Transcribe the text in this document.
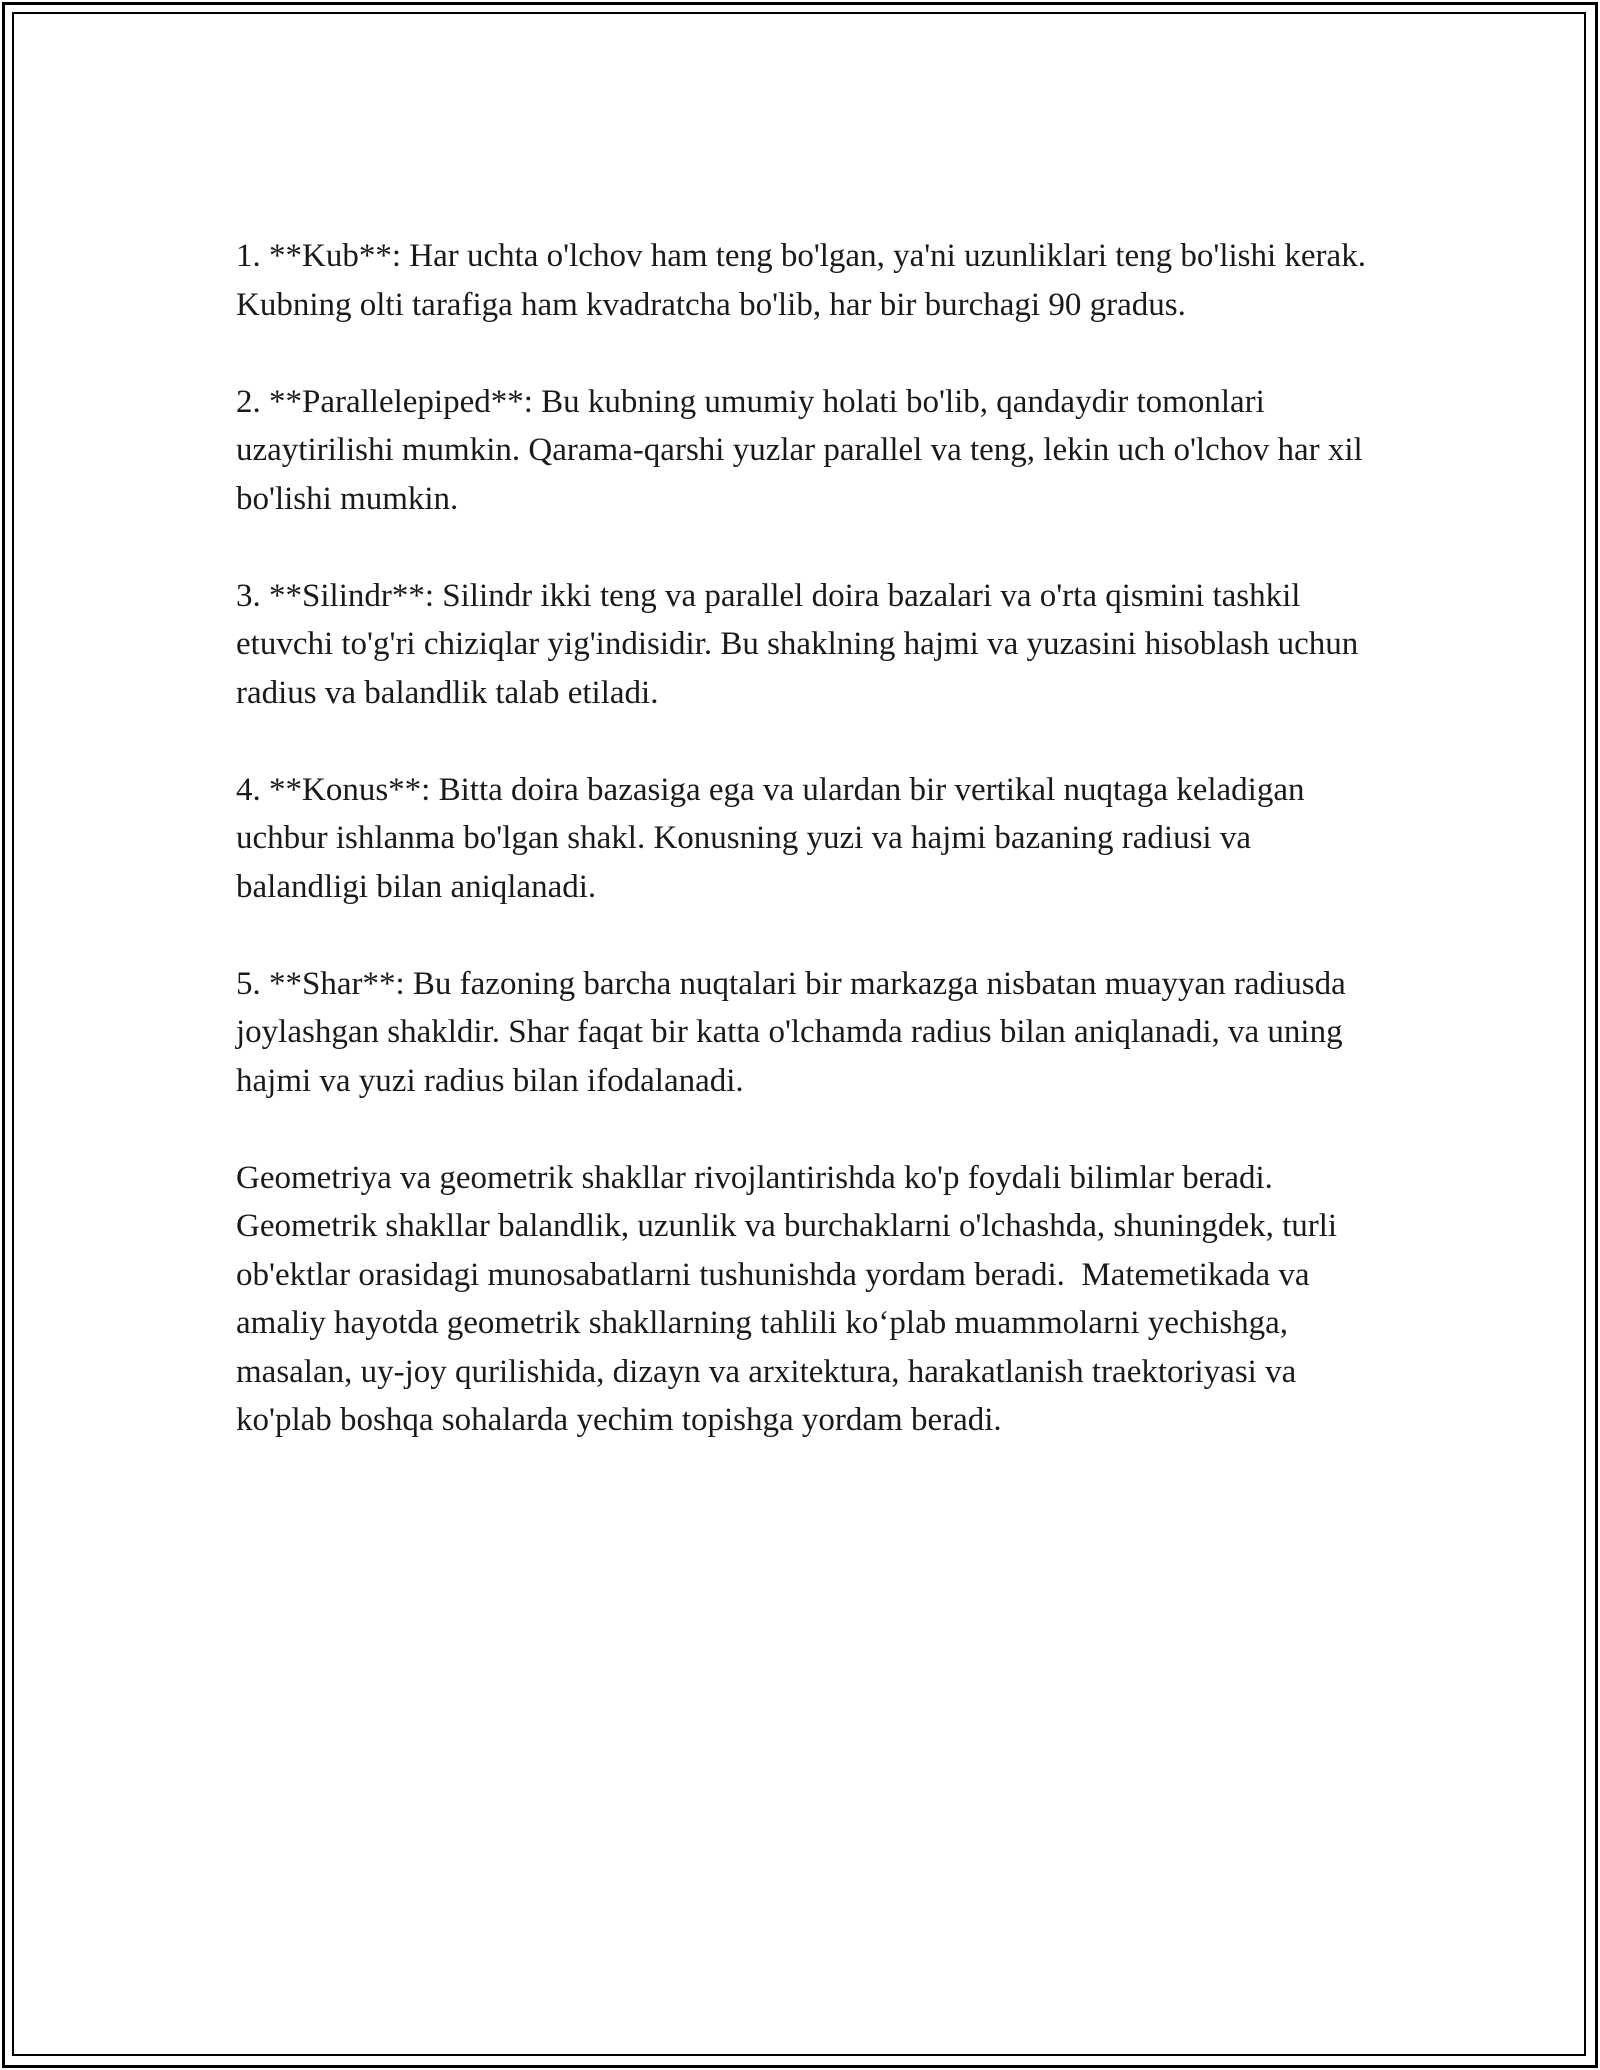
1. **Kub**: Har uchta o'lchov ham teng bo'lgan, ya'ni uzunliklari teng bo'lishi kerak. Kubning olti tarafiga ham kvadratcha bo'lib, har bir burchagi 90 gradus.

2. **Parallelepiped**: Bu kubning umumiy holati bo'lib, qandaydir tomonlari uzaytirilishi mumkin. Qarama-qarshi yuzlar parallel va teng, lekin uch o'lchov har xil bo'lishi mumkin.

3. **Silindr**: Silindr ikki teng va parallel doira bazalari va o'rta qismini tashkil etuvchi to'g'ri chiziqlar yig'indisidir. Bu shaklning hajmi va yuzasini hisoblash uchun radius va balandlik talab etiladi.

4. **Konus**: Bitta doira bazasiga ega va ulardan bir vertikal nuqtaga keladigan uchbur ishlanma bo'lgan shakl. Konusning yuzi va hajmi bazaning radiusi va balandligi bilan aniqlanadi.

5. **Shar**: Bu fazoning barcha nuqtalari bir markazga nisbatan muayyan radiusda joylashgan shakldir. Shar faqat bir katta o'lchamda radius bilan aniqlanadi, va uning hajmi va yuzi radius bilan ifodalanadi.

Geometriya va geometrik shakllar rivojlantirishda ko'p foydali bilimlar beradi. Geometrik shakllar balandlik, uzunlik va burchaklarni o'lchashda, shuningdek, turli ob'ektlar orasidagi munosabatlarni tushunishda yordam beradi.  Matemetikada va amaliy hayotda geometrik shakllarning tahlili ko‘plab muammolarni yechishga, masalan, uy-joy qurilishida, dizayn va arxitektura, harakatlanish traektoriyasi va ko'plab boshqa sohalarda yechim topishga yordam beradi.
